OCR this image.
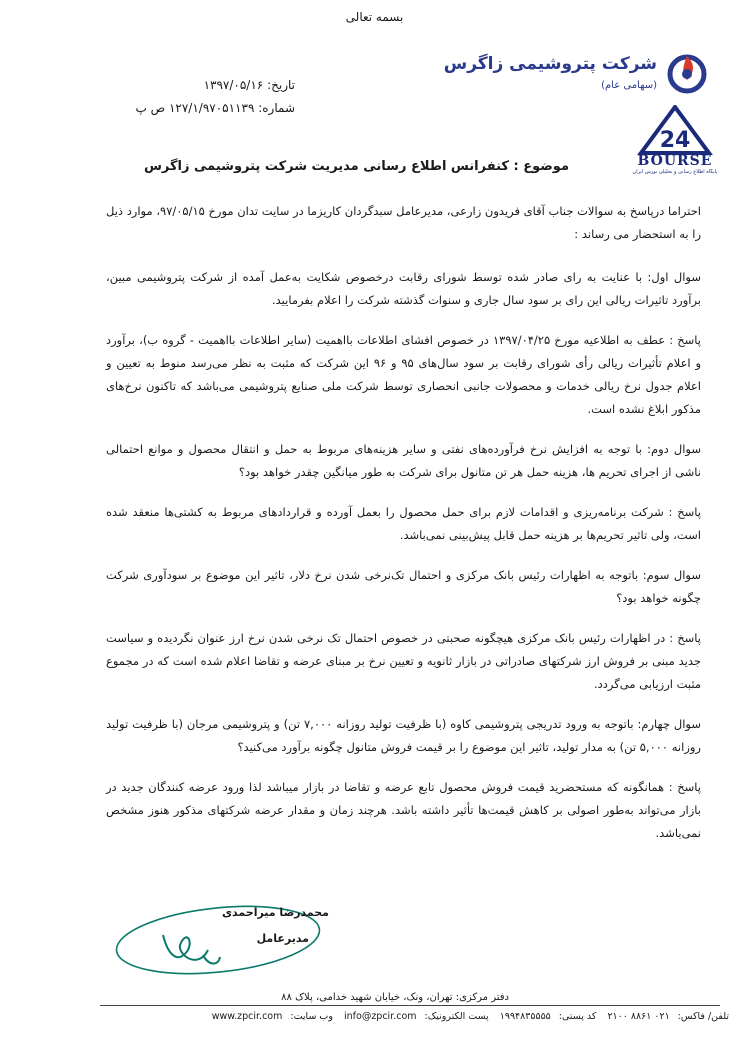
بسمه تعالی
شرکت پتروشیمی زاگرس
(سهامی عام)
تاریخ: ۱۳۹۷/۰۵/۱۶
شماره: ۱۲۷/۱/۹۷۰۵۱۱۳۹ ص پ
24
BOURSE
پایگاه اطلاع رسانی و تحلیلی بورس ایران
موضوع : کنفرانس اطلاع رسانی مدیریت شرکت پتروشیمی زاگرس

احتراما درپاسخ به سوالات جناب آقای فریدون زارعی، مدیرعامل سبدگردان کاریزما در سایت تدان مورخ ۹۷/۰۵/۱۵، موارد ذیل را به استحضار می رساند :

سوال اول: با عنایت به رای صادر شده توسط شورای رقابت درخصوص شکایت به‌عمل آمده از شرکت پتروشیمی مبین، برآورد تاثیرات ریالی این رای بر سود سال جاری و سنوات گذشته شرکت را اعلام بفرمایید.

پاسخ : عطف به اطلاعیه مورخ ۱۳۹۷/۰۴/۲۵ در خصوص افشای اطلاعات بااهمیت (سایر اطلاعات بااهمیت - گروه ب)، برآورد و اعلام تأثیرات ریالی رأی شورای رقابت بر سود سال‌های ۹۵ و ۹۶ این شرکت که مثبت به نظر می‌رسد منوط به تعیین و اعلام جدول نرخ ریالی خدمات و محصولات جانبی انحصاری توسط شرکت ملی صنایع پتروشیمی می‌باشد که تاکنون نرخ‌های مذکور ابلاغ نشده است.

سوال دوم: با توجه به افزایش نرخ فرآورده‌های نفتی و سایر هزینه‌های مربوط به حمل و انتقال محصول و موانع احتمالی ناشی از اجرای تحریم ها، هزینه حمل هر تن متانول برای شرکت به طور میانگین چقدر خواهد بود؟

پاسخ : شرکت برنامه‌ریزی و اقدامات لازم برای حمل محصول را بعمل آورده و قراردادهای مربوط به کشتی‌ها منعقد شده است، ولی تاثیر تحریم‌ها بر هزینه حمل قابل پیش‌بینی نمی‌باشد.

سوال سوم: باتوجه به اظهارات رئیس بانک مرکزی و احتمال تک‌نرخی شدن نرخ دلار، تاثیر این موضوع بر سودآوری شرکت چگونه خواهد بود؟

پاسخ : در اظهارات رئیس بانک مرکزی هیچگونه صحبتی در خصوص احتمال تک نرخی شدن نرخ ارز عنوان نگردیده و سیاست جدید مبنی بر فروش ارز شرکتهای صادراتی در بازار ثانویه و تعیین نرخ بر مبنای عرضه و تقاضا اعلام شده است که در مجموع مثبت ارزیابی می‌گردد.

سوال چهارم: باتوجه به ورود تدریجی پتروشیمی کاوه (با ظرفیت تولید روزانه ۷,۰۰۰ تن) و پتروشیمی مرجان (با ظرفیت تولید روزانه ۵,۰۰۰ تن) به مدار تولید، تاثیر این موضوع را بر قیمت فروش متانول چگونه برآورد می‌کنید؟

پاسخ : همانگونه که مستحضرید قیمت فروش محصول تابع عرضه و تقاضا در بازار میباشد لذا ورود عرضه کنندگان جدید در بازار می‌تواند به‌طور اصولی بر کاهش قیمت‌ها تأثیر داشته باشد. هرچند زمان و مقدار عرضه شرکتهای مذکور هنوز مشخص نمی‌باشد.

محمدرضا میراحمدی
مدیرعامل
دفتر مرکزی: تهران، ونک، خیابان شهید خدامی، پلاک ۸۸
تلفن/ فاکس:۰۲۱ ۸۸۶۱ ۲۱۰۰ کد پستی:۱۹۹۴۸۳۵۵۵۵ پست الکترونیک:info@zpcir.com وب سایت:www.zpcir.com
